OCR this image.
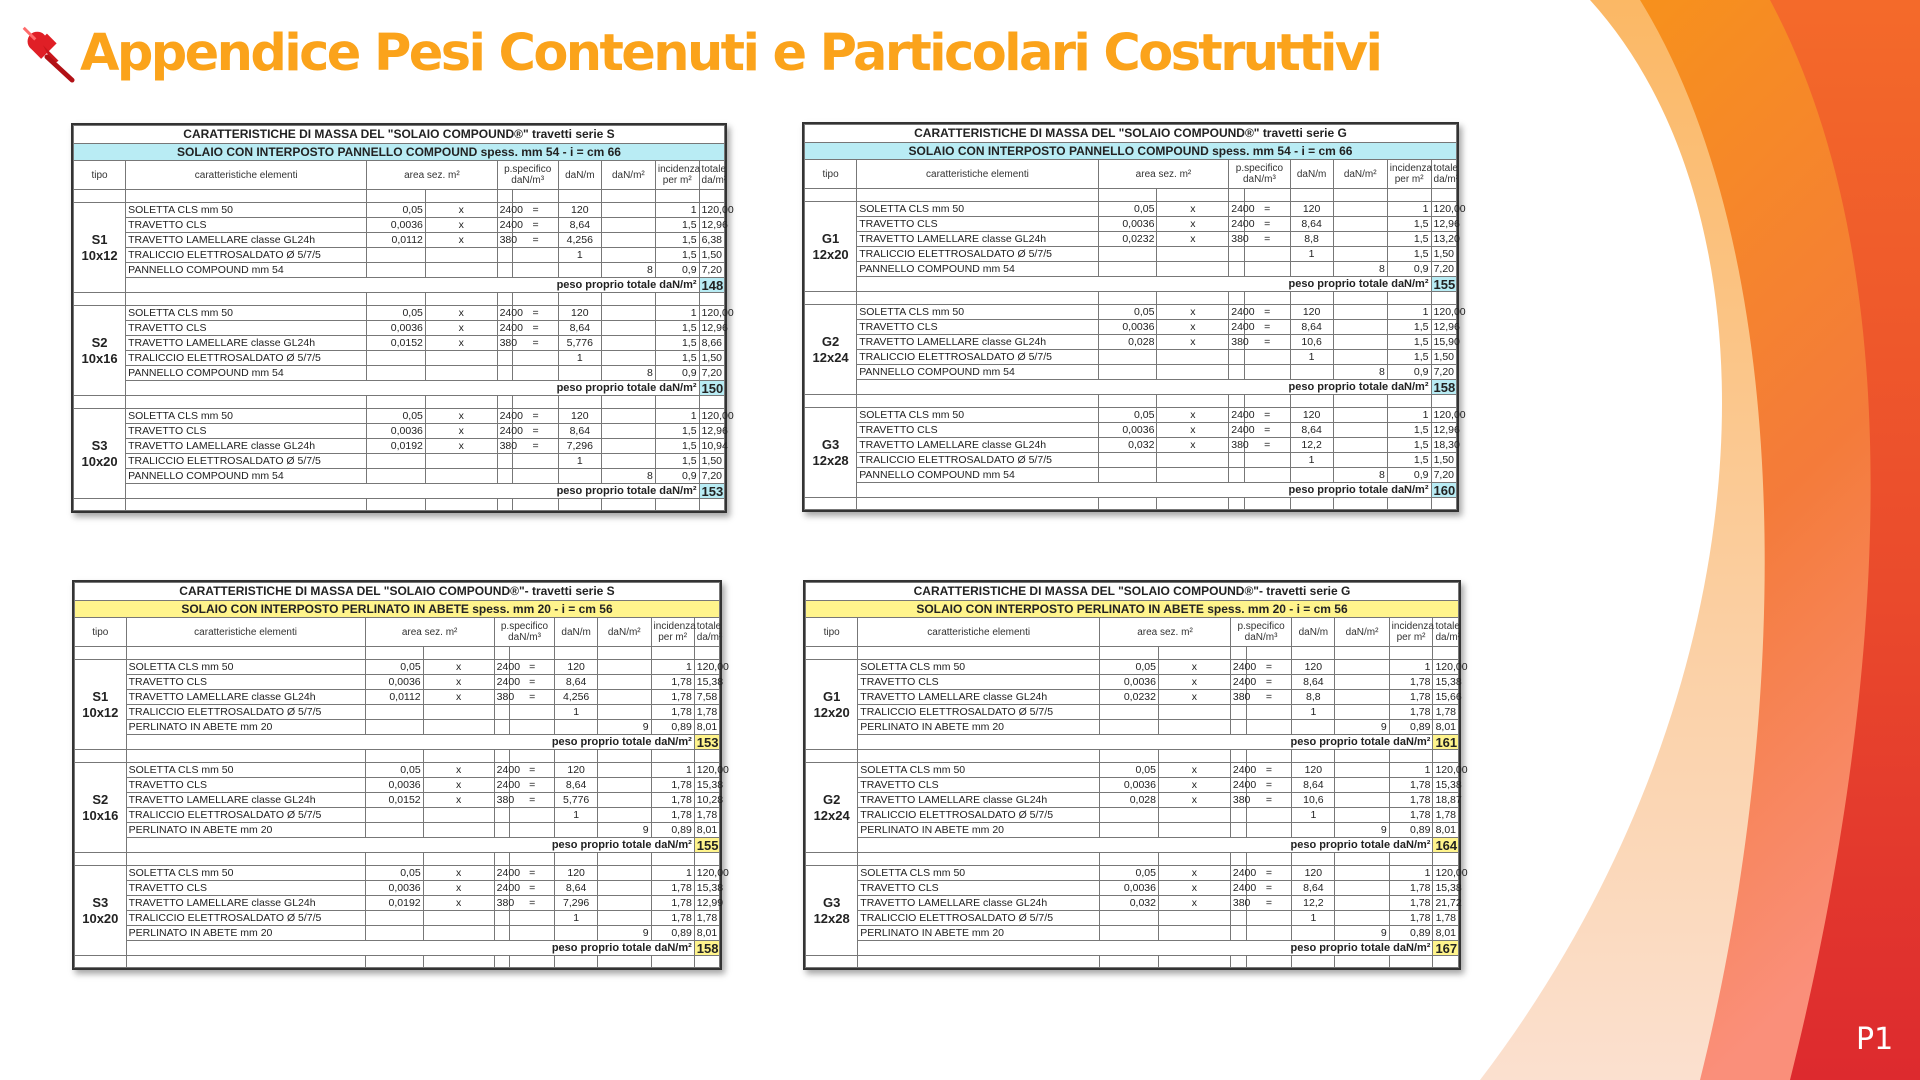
Appendice Pesi Contenuti e Particolari Costruttivi
CARATTERISTICHE DI MASSA DEL "SOLAIO COMPOUND®" travetti serie S									
SOLAIO CON INTERPOSTO PANNELLO COMPOUND spess. mm 54 - i = cm 66									
tipo	caratteristiche elementi	area sez. m²		p.specifico daN/m³		daN/m	daN/m²	incidenza per m²	totale da/m²

S1
10x12	SOLETTA CLS mm 50	0,05	x	2400	=	120		1	120,00
	TRAVETTO CLS	0,0036	x	2400	=	8,64		1,5	12,96
	TRAVETTO LAMELLARE classe GL24h	0,0112	x	380	=	4,256		1,5	6,38
	TRALICCIO ELETTROSALDATO Ø 5/7/5					1		1,5	1,50
	PANNELLO COMPOUND mm 54						8	0,9	7,20
	peso proprio totale daN/m²								148

S2
10x16	SOLETTA CLS mm 50	0,05	x	2400	=	120		1	120,00
	TRAVETTO CLS	0,0036	x	2400	=	8,64		1,5	12,96
	TRAVETTO LAMELLARE classe GL24h	0,0152	x	380	=	5,776		1,5	8,66
	TRALICCIO ELETTROSALDATO Ø 5/7/5					1		1,5	1,50
	PANNELLO COMPOUND mm 54						8	0,9	7,20
	peso proprio totale daN/m²								150

S3
10x20	SOLETTA CLS mm 50	0,05	x	2400	=	120		1	120,00
	TRAVETTO CLS	0,0036	x	2400	=	8,64		1,5	12,96
	TRAVETTO LAMELLARE classe GL24h	0,0192	x	380	=	7,296		1,5	10,94
	TRALICCIO ELETTROSALDATO Ø 5/7/5					1		1,5	1,50
	PANNELLO COMPOUND mm 54						8	0,9	7,20
	peso proprio totale daN/m²								153

CARATTERISTICHE DI MASSA DEL "SOLAIO COMPOUND®" travetti serie G									
SOLAIO CON INTERPOSTO PANNELLO COMPOUND spess. mm 54 - i = cm 66									
tipo	caratteristiche elementi	area sez. m²		p.specifico daN/m³		daN/m	daN/m²	incidenza per m²	totale da/m²

G1
12x20	SOLETTA CLS mm 50	0,05	x	2400	=	120		1	120,00
	TRAVETTO CLS	0,0036	x	2400	=	8,64		1,5	12,96
	TRAVETTO LAMELLARE classe GL24h	0,0232	x	380	=	8,8		1,5	13,20
	TRALICCIO ELETTROSALDATO Ø 5/7/5					1		1,5	1,50
	PANNELLO COMPOUND mm 54						8	0,9	7,20
	peso proprio totale daN/m²								155

G2
12x24	SOLETTA CLS mm 50	0,05	x	2400	=	120		1	120,00
	TRAVETTO CLS	0,0036	x	2400	=	8,64		1,5	12,96
	TRAVETTO LAMELLARE classe GL24h	0,028	x	380	=	10,6		1,5	15,90
	TRALICCIO ELETTROSALDATO Ø 5/7/5					1		1,5	1,50
	PANNELLO COMPOUND mm 54						8	0,9	7,20
	peso proprio totale daN/m²								158

G3
12x28	SOLETTA CLS mm 50	0,05	x	2400	=	120		1	120,00
	TRAVETTO CLS	0,0036	x	2400	=	8,64		1,5	12,96
	TRAVETTO LAMELLARE classe GL24h	0,032	x	380	=	12,2		1,5	18,30
	TRALICCIO ELETTROSALDATO Ø 5/7/5					1		1,5	1,50
	PANNELLO COMPOUND mm 54						8	0,9	7,20
	peso proprio totale daN/m²								160

CARATTERISTICHE DI MASSA DEL "SOLAIO COMPOUND®"- travetti serie S									
SOLAIO CON INTERPOSTO PERLINATO IN ABETE spess. mm 20 - i = cm 56									
tipo	caratteristiche elementi	area sez. m²		p.specifico daN/m³		daN/m	daN/m²	incidenza per m²	totale da/m²

S1
10x12	SOLETTA CLS mm 50	0,05	x	2400	=	120		1	120,00
	TRAVETTO CLS	0,0036	x	2400	=	8,64		1,78	15,38
	TRAVETTO LAMELLARE classe GL24h	0,0112	x	380	=	4,256		1,78	7,58
	TRALICCIO ELETTROSALDATO Ø 5/7/5					1		1,78	1,78
	PERLINATO IN ABETE mm 20						9	0,89	8,01
	peso proprio totale daN/m²								153

S2
10x16	SOLETTA CLS mm 50	0,05	x	2400	=	120		1	120,00
	TRAVETTO CLS	0,0036	x	2400	=	8,64		1,78	15,38
	TRAVETTO LAMELLARE classe GL24h	0,0152	x	380	=	5,776		1,78	10,28
	TRALICCIO ELETTROSALDATO Ø 5/7/5					1		1,78	1,78
	PERLINATO IN ABETE mm 20						9	0,89	8,01
	peso proprio totale daN/m²								155

S3
10x20	SOLETTA CLS mm 50	0,05	x	2400	=	120		1	120,00
	TRAVETTO CLS	0,0036	x	2400	=	8,64		1,78	15,38
	TRAVETTO LAMELLARE classe GL24h	0,0192	x	380	=	7,296		1,78	12,99
	TRALICCIO ELETTROSALDATO Ø 5/7/5					1		1,78	1,78
	PERLINATO IN ABETE mm 20						9	0,89	8,01
	peso proprio totale daN/m²								158

CARATTERISTICHE DI MASSA DEL "SOLAIO COMPOUND®"- travetti serie G									
SOLAIO CON INTERPOSTO PERLINATO IN ABETE spess. mm 20 - i = cm 56									
tipo	caratteristiche elementi	area sez. m²		p.specifico daN/m³		daN/m	daN/m²	incidenza per m²	totale da/m²

G1
12x20	SOLETTA CLS mm 50	0,05	x	2400	=	120		1	120,00
	TRAVETTO CLS	0,0036	x	2400	=	8,64		1,78	15,38
	TRAVETTO LAMELLARE classe GL24h	0,0232	x	380	=	8,8		1,78	15,66
	TRALICCIO ELETTROSALDATO Ø 5/7/5					1		1,78	1,78
	PERLINATO IN ABETE mm 20						9	0,89	8,01
	peso proprio totale daN/m²								161

G2
12x24	SOLETTA CLS mm 50	0,05	x	2400	=	120		1	120,00
	TRAVETTO CLS	0,0036	x	2400	=	8,64		1,78	15,38
	TRAVETTO LAMELLARE classe GL24h	0,028	x	380	=	10,6		1,78	18,87
	TRALICCIO ELETTROSALDATO Ø 5/7/5					1		1,78	1,78
	PERLINATO IN ABETE mm 20						9	0,89	8,01
	peso proprio totale daN/m²								164

G3
12x28	SOLETTA CLS mm 50	0,05	x	2400	=	120		1	120,00
	TRAVETTO CLS	0,0036	x	2400	=	8,64		1,78	15,38
	TRAVETTO LAMELLARE classe GL24h	0,032	x	380	=	12,2		1,78	21,72
	TRALICCIO ELETTROSALDATO Ø 5/7/5					1		1,78	1,78
	PERLINATO IN ABETE mm 20						9	0,89	8,01
	peso proprio totale daN/m²								167

P1
